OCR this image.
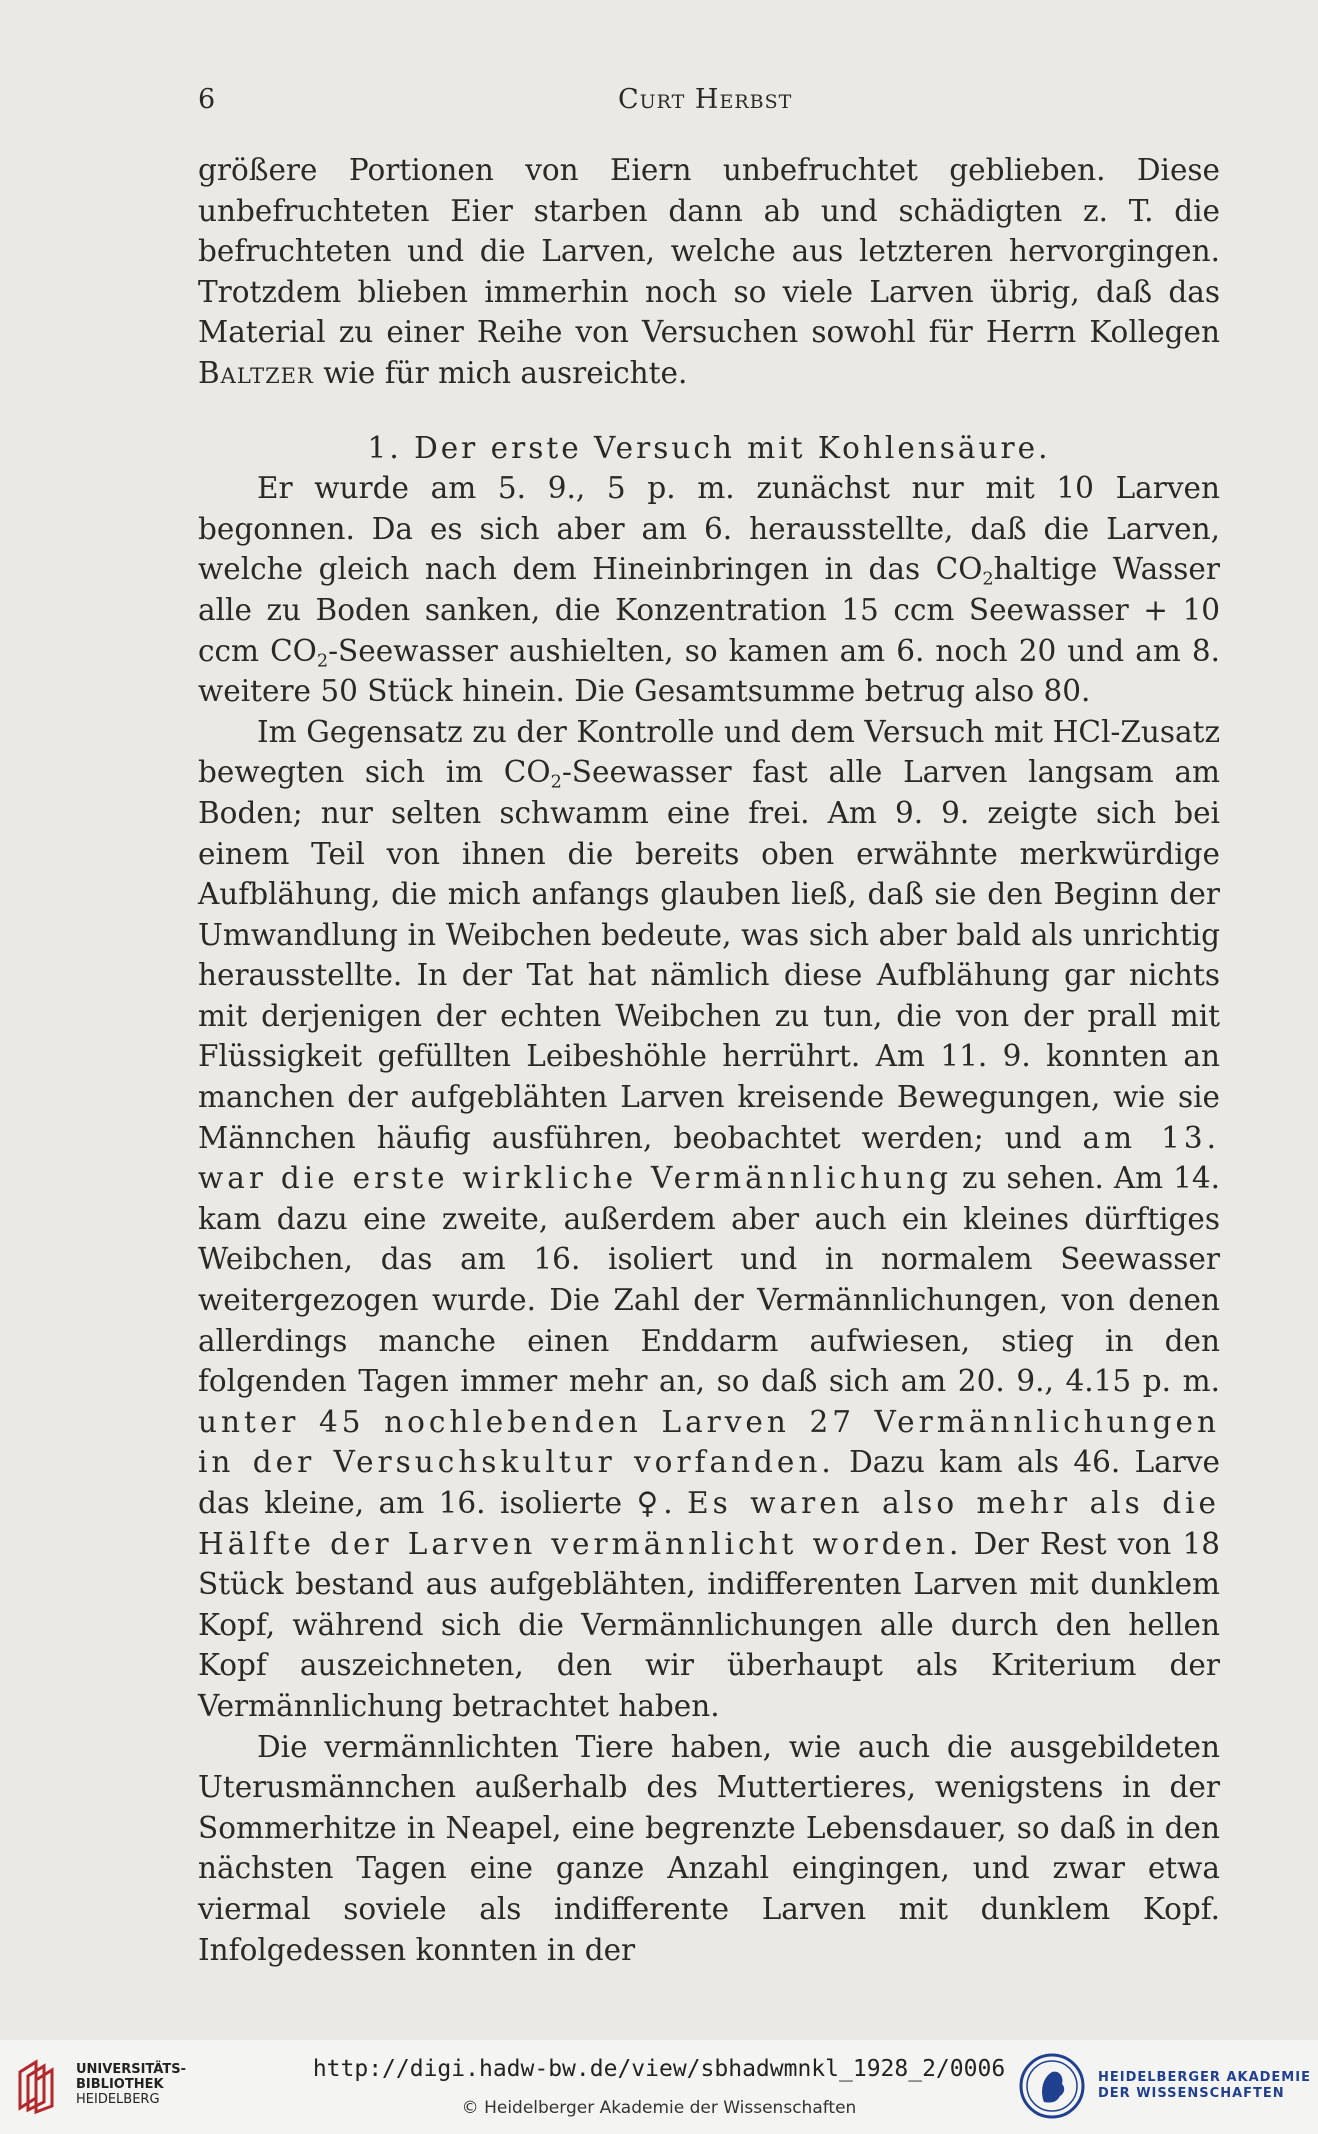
6	Curt Herbst

größere Portionen von Eiern unbefruchtet geblieben. Diese unbefruchteten Eier starben dann ab und schädigten z. T. die befruchteten und die Larven, welche aus letzteren hervorgingen. Trotzdem blieben immerhin noch so viele Larven übrig, daß das Material zu einer Reihe von Versuchen sowohl für Herrn Kollegen Baltzer wie für mich ausreichte.

1. Der erste Versuch mit Kohlensäure.

Er wurde am 5. 9., 5 p. m. zunächst nur mit 10 Larven begonnen. Da es sich aber am 6. herausstellte, daß die Larven, welche gleich nach dem Hineinbringen in das $CO_2haltige$ Wasser alle zu Boden sanken, die Konzentration 15 ccm Seewasser + 10 ccm $CO_2$-Seewasser aushielten, so kamen am 6. noch 20 und am 8. weitere 50 Stück hinein. Die Gesamtsumme betrug also 80.

Im Gegensatz zu der Kontrolle und dem Versuch mit HCl-Zusatz bewegten sich im $CO_2$-Seewasser fast alle Larven langsam am Boden; nur selten schwamm eine frei. Am 9. 9. zeigte sich bei einem Teil von ihnen die bereits oben erwähnte merkwürdige Aufblähung, die mich anfangs glauben ließ, daß sie den Beginn der Umwandlung in Weibchen bedeute, was sich aber bald als unrichtig herausstellte. In der Tat hat nämlich diese Aufblähung gar nichts mit derjenigen der echten Weibchen zu tun, die von der prall mit Flüssigkeit gefüllten Leibeshöhle herrührt. Am 11. 9. konnten an manchen der aufgeblähten Larven kreisende Bewegungen, wie sie Männchen häufig ausführen, beobachtet werden; und am 13. war die erste wirkliche Vermännlichung zu sehen. Am 14. kam dazu eine zweite, außerdem aber auch ein kleines dürftiges Weibchen, das am 16. isoliert und in normalem Seewasser weitergezogen wurde. Die Zahl der Vermännlichungen, von denen allerdings manche einen Enddarm aufwiesen, stieg in den folgenden Tagen immer mehr an, so daß sich am 20. 9., 4.15 p. m. unter 45 nochlebenden Larven 27 Vermännlichungen in der Versuchskultur vorfanden. Dazu kam als 46. Larve das kleine, am 16. isolierte ♀. Es waren also mehr als die Hälfte der Larven vermännlicht worden. Der Rest von 18 Stück bestand aus aufgeblähten, indifferenten Larven mit dunklem Kopf, während sich die Vermännlichungen alle durch den hellen Kopf auszeichneten, den wir überhaupt als Kriterium der Vermännlichung betrachtet haben.

Die vermännlichten Tiere haben, wie auch die ausgebildeten Uterusmännchen außerhalb des Muttertieres, wenigstens in der Sommerhitze in Neapel, eine begrenzte Lebensdauer, so daß in den nächsten Tagen eine ganze Anzahl eingingen, und zwar etwa viermal soviele als indifferente Larven mit dunklem Kopf. Infolgedessen konnten in der

UNIVERSITÄTS-
BIBLIOTHEK
HEIDELBERG
http://digi.hadw-bw.de/view/sbhadwmnkl_1928_2/0006
© Heidelberger Akademie der Wissenschaften
HEIDELBERGER AKADEMIE
DER WISSENSCHAFTEN
